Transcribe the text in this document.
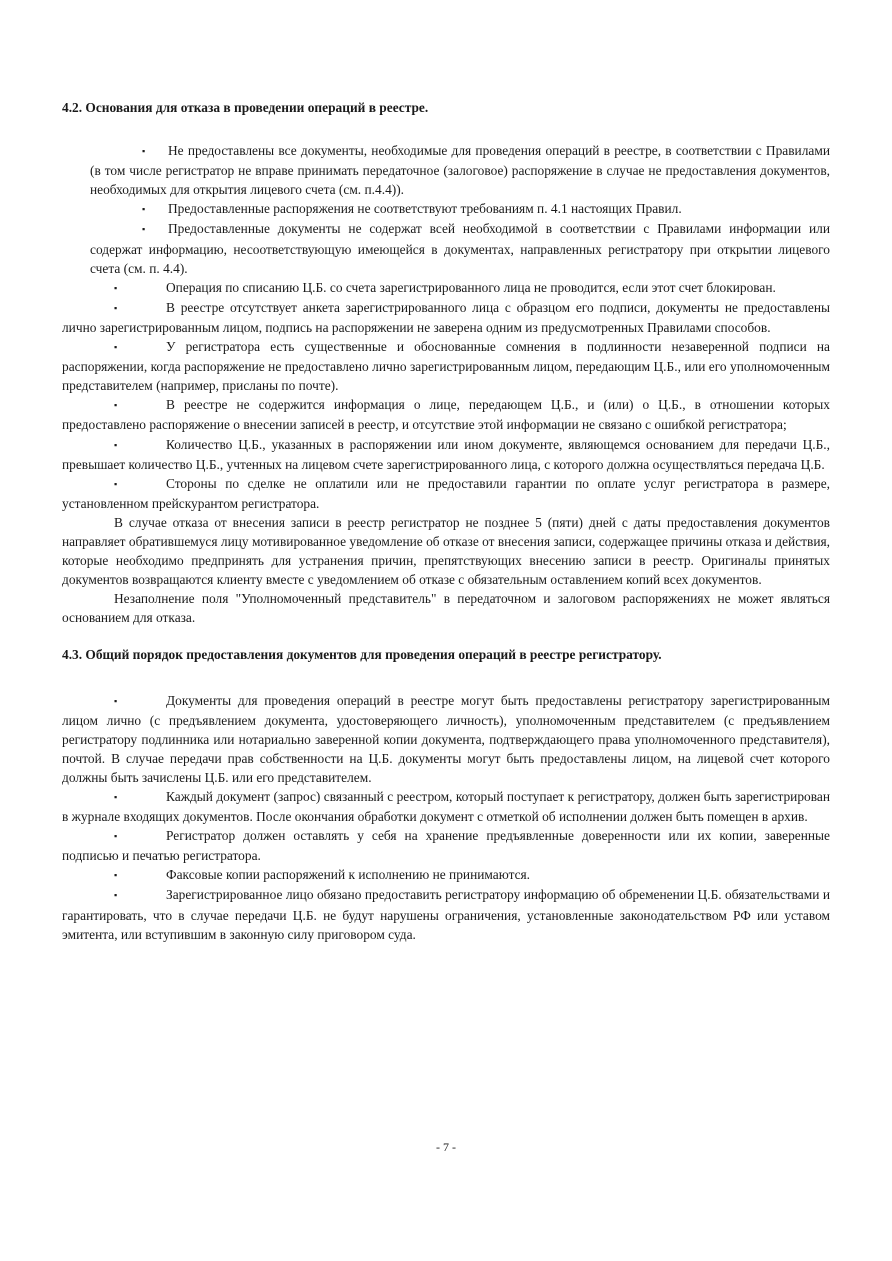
4.2. Основания для отказа в проведении операций в реестре.

▪ Не предоставлены все документы, необходимые для проведения операций в реестре, в соответствии с Правилами (в том числе регистратор не вправе принимать передаточное (залоговое) распоряжение в случае не предоставления документов, необходимых для открытия лицевого счета (см. п.4.4)).

▪ Предоставленные распоряжения не соответствуют требованиям п. 4.1 настоящих Правил.

▪ Предоставленные документы не содержат всей необходимой в соответствии с Правилами информации или содержат информацию, несоответствующую имеющейся в документах, направленных регистратору при открытии лицевого счета (см. п. 4.4).

▪	Операция по списанию Ц.Б. со счета зарегистрированного лица не проводится, если этот счет блокирован.

▪	В реестре отсутствует анкета зарегистрированного лица с образцом его подписи, документы не предоставлены лично зарегистрированным лицом, подпись на распоряжении не заверена одним из предусмотренных Правилами способов.

▪	У регистратора есть существенные и обоснованные сомнения в подлинности незаверенной подписи на распоряжении, когда распоряжение не предоставлено лично зарегистрированным лицом, передающим Ц.Б., или его уполномоченным представителем (например, присланы по почте).

▪	В реестре не содержится информация о лице, передающем Ц.Б., и (или) о Ц.Б., в отношении которых предоставлено распоряжение о внесении записей в реестр, и отсутствие этой информации не связано с ошибкой регистратора;

▪	Количество Ц.Б., указанных в распоряжении или ином документе, являющемся основанием для передачи Ц.Б., превышает количество Ц.Б., учтенных на лицевом счете зарегистрированного лица, с которого должна осуществляться передача Ц.Б.

▪	Стороны по сделке не оплатили или не предоставили гарантии по оплате услуг регистратора в размере, установленном прейскурантом регистратора.

В случае отказа от внесения записи в реестр регистратор не позднее 5 (пяти) дней с даты предоставления документов направляет обратившемуся лицу мотивированное уведомление об отказе от внесения записи, содержащее причины отказа и действия, которые необходимо предпринять для устранения причин, препятствующих внесению записи в реестр. Оригиналы принятых документов возвращаются клиенту вместе с уведомлением об отказе с обязательным оставлением копий всех документов.

Незаполнение поля "Уполномоченный представитель" в передаточном и залоговом распоряжениях не может являться основанием для отказа.

4.3. Общий порядок предоставления документов для проведения операций в реестре регистратору.

▪	Документы для проведения операций в реестре могут быть предоставлены регистратору зарегистрированным лицом лично (с предъявлением документа, удостоверяющего личность), уполномоченным представителем (с предъявлением регистратору подлинника или нотариально заверенной копии документа, подтверждающего права уполномоченного представителя), почтой. В случае передачи прав собственности на Ц.Б. документы могут быть предоставлены лицом, на лицевой счет которого должны быть зачислены Ц.Б. или его представителем.

▪	Каждый документ (запрос) связанный с реестром, который поступает к регистратору, должен быть зарегистрирован в журнале входящих документов. После окончания обработки документ с отметкой об исполнении должен быть помещен в архив.

▪	Регистратор должен оставлять у себя на хранение предъявленные доверенности или их копии, заверенные подписью и печатью регистратора.

▪	Факсовые копии распоряжений к исполнению не принимаются.

▪	Зарегистрированное лицо обязано предоставить регистратору информацию об обременении Ц.Б. обязательствами и гарантировать, что в случае передачи Ц.Б. не будут нарушены ограничения, установленные законодательством РФ или уставом эмитента, или вступившим в законную силу приговором суда.

- 7 -
